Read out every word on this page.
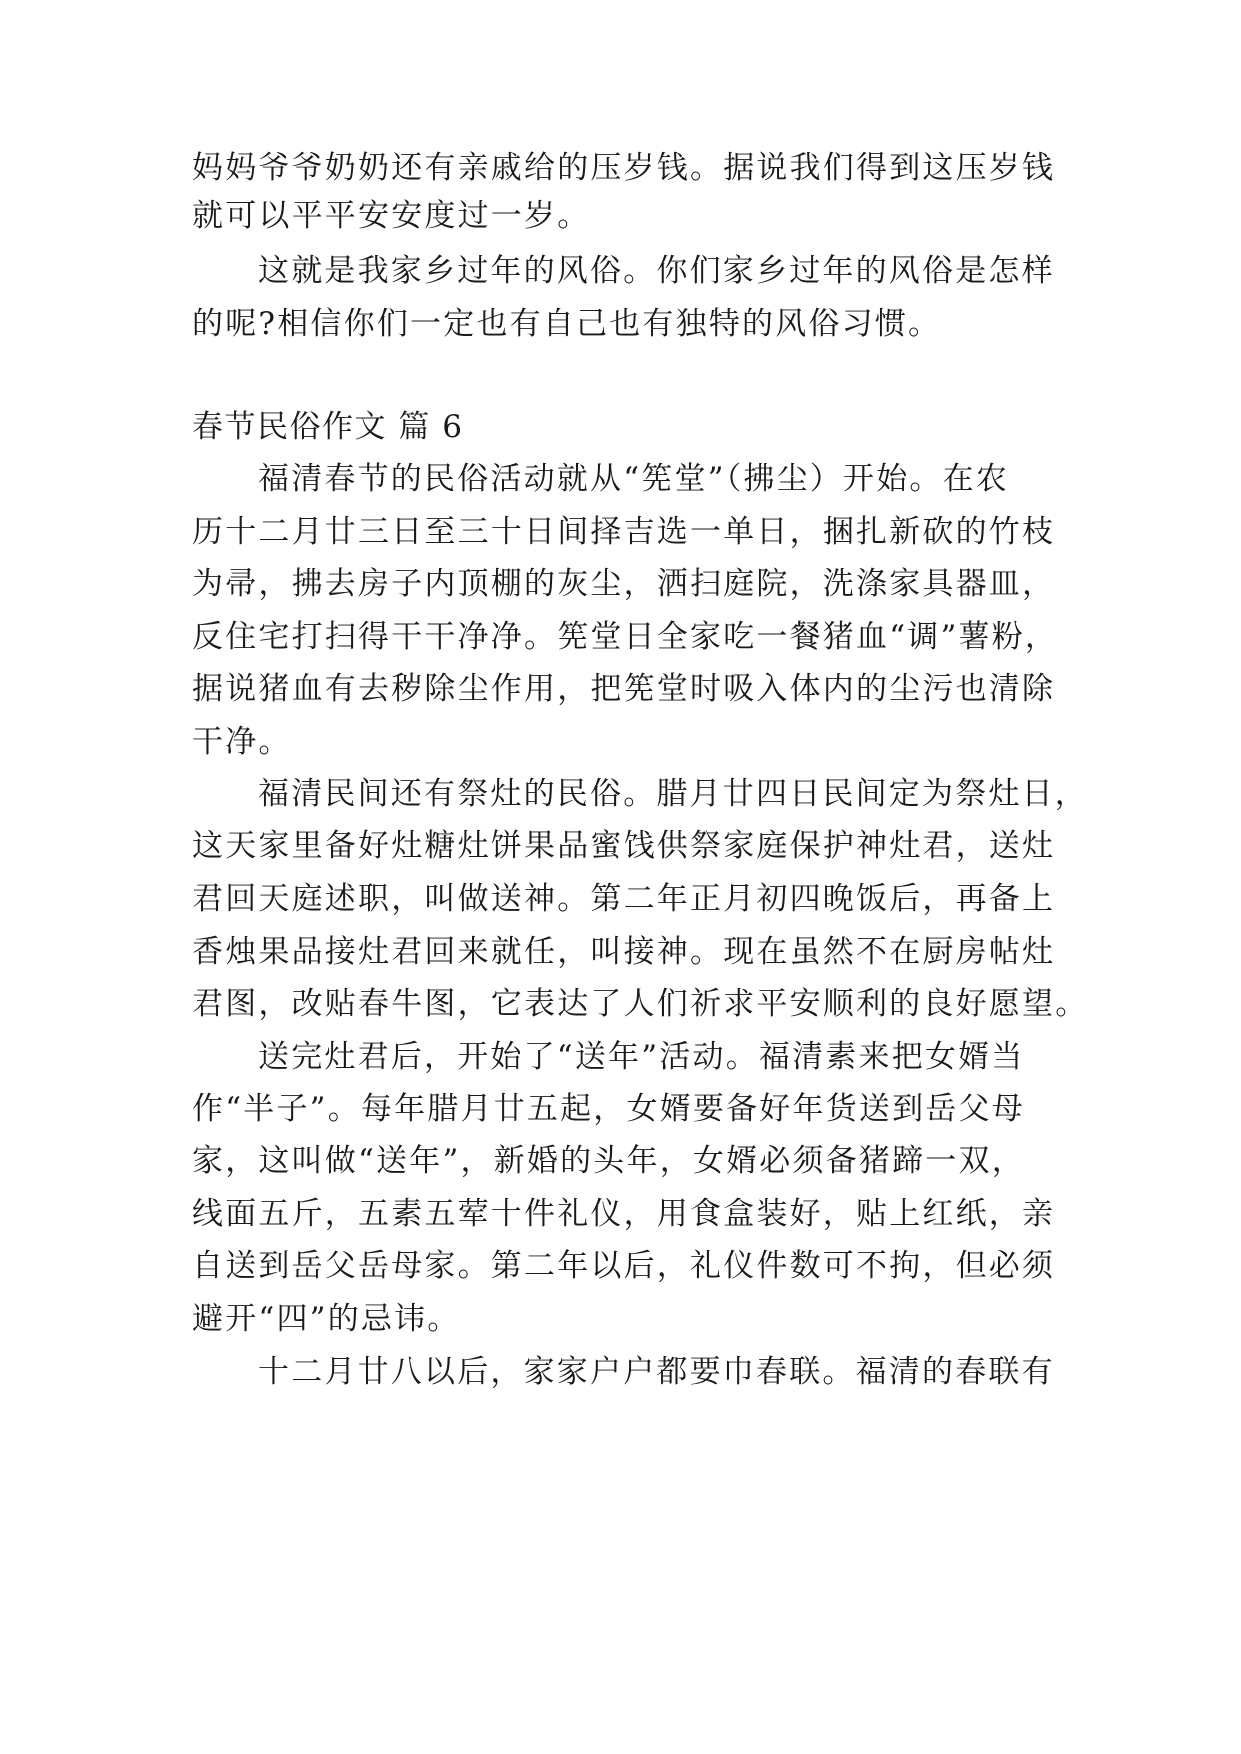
妈妈爷爷奶奶还有亲戚给的压岁钱。据说我们得到这压岁钱
就可以平平安安度过一岁。
这就是我家乡过年的风俗。你们家乡过年的风俗是怎样
的呢?相信你们一定也有自己也有独特的风俗习惯。
春节民俗作文 篇 6
福清春节的民俗活动就从“筅堂”（拂尘）开始。在农
历十二月廿三日至三十日间择吉选一单日，捆扎新砍的竹枝
为帚，拂去房子内顶棚的灰尘，洒扫庭院，洗涤家具器皿，
反住宅打扫得干干净净。筅堂日全家吃一餐猪血“调”薯粉，
据说猪血有去秽除尘作用，把筅堂时吸入体内的尘污也清除
干净。
福清民间还有祭灶的民俗。腊月廿四日民间定为祭灶日，
这天家里备好灶糖灶饼果品蜜饯供祭家庭保护神灶君，送灶
君回天庭述职，叫做送神。第二年正月初四晚饭后，再备上
香烛果品接灶君回来就任，叫接神。现在虽然不在厨房帖灶
君图，改贴春牛图，它表达了人们祈求平安顺利的良好愿望。
送完灶君后，开始了“送年”活动。福清素来把女婿当
作“半子”。每年腊月廿五起，女婿要备好年货送到岳父母
家，这叫做“送年”，新婚的头年，女婿必须备猪蹄一双，
线面五斤，五素五荤十件礼仪，用食盒装好，贴上红纸，亲
自送到岳父岳母家。第二年以后，礼仪件数可不拘，但必须
避开“四”的忌讳。
十二月廿八以后，家家户户都要巾春联。福清的春联有
